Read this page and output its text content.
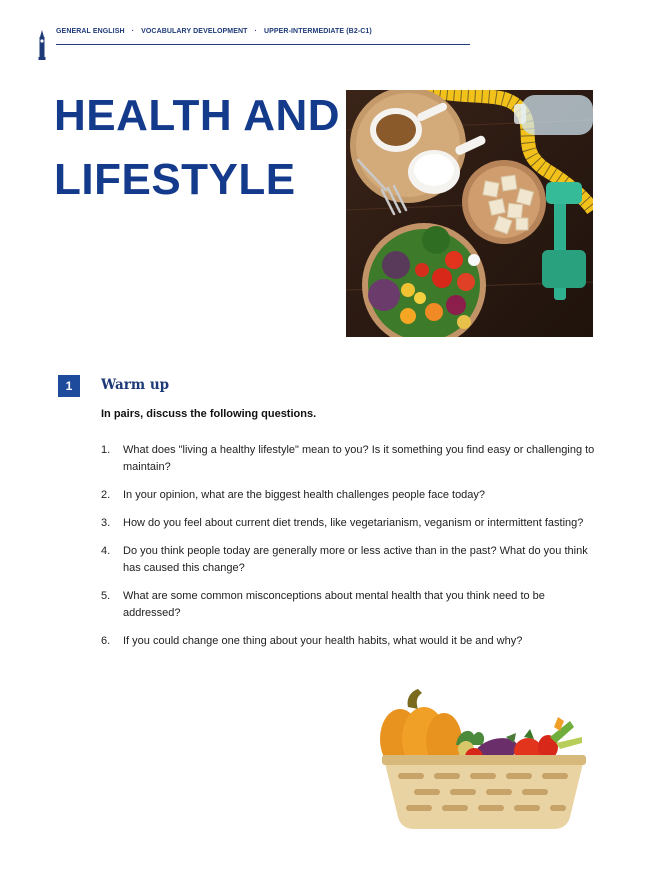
GENERAL ENGLISH · VOCABULARY DEVELOPMENT · UPPER-INTERMEDIATE (B2-C1)
HEALTH AND
LIFESTYLE
1	Warm up

In pairs, discuss the following questions.

1. What does "living a healthy lifestyle" mean to you? Is it something you find easy or challenging to maintain?
2. In your opinion, what are the biggest health challenges people face today?
3. How do you feel about current diet trends, like vegetarianism, veganism or intermittent fasting?
4. Do you think people today are generally more or less active than in the past? What do you think has caused this change?
5. What are some common misconceptions about mental health that you think need to be addressed?
6. If you could change one thing about your health habits, what would it be and why?
